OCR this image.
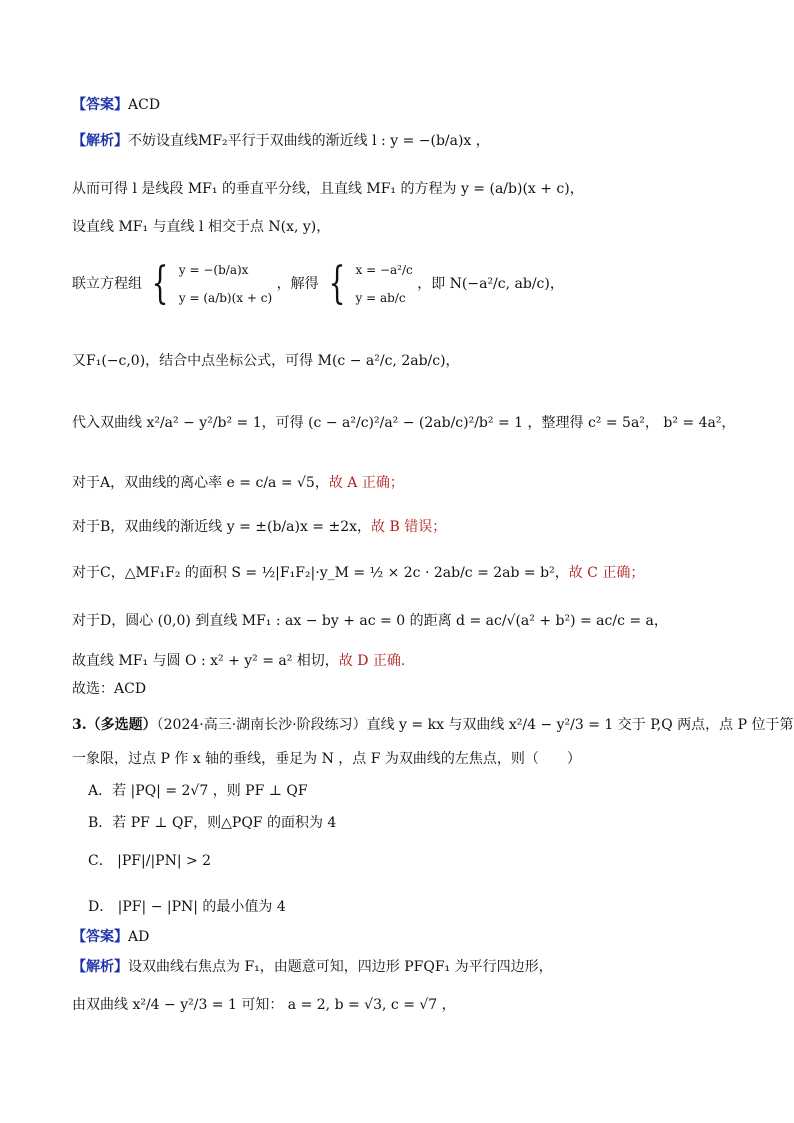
【答案】ACD
【解析】不妨设直线MF₂平行于双曲线的渐近线 l : y = −(b/a)x ，
从而可得 l 是线段 MF₁ 的垂直平分线，且直线 MF₁ 的方程为 y = (a/b)(x + c)，
设直线 MF₁ 与直线 l 相交于点 N(x, y)，
联立方程组 { y = −(b/a)x
y = (a/b)(x + c)
，解得 { x = −a²/c
y = ab/c
，即 N(−a²/c, ab/c)，
又F₁(−c,0)，结合中点坐标公式，可得 M(c − a²/c, 2ab/c)，
代入双曲线 x²/a² − y²/b² = 1，可得 (c − a²/c)²/a² − (2ab/c)²/b² = 1 ，整理得 c² = 5a²， b² = 4a²，
对于A，双曲线的离心率 e = c/a = √5，故 A 正确；
对于B，双曲线的渐近线 y = ±(b/a)x = ±2x，故 B 错误；
对于C，△MF₁F₂ 的面积 S = ½|F₁F₂|·y_M = ½ × 2c · 2ab/c = 2ab = b²，故 C 正确；
对于D，圆心 (0,0) 到直线 MF₁ : ax − by + ac = 0 的距离 d = ac/√(a² + b²) = ac/c = a，
故直线 MF₁ 与圆 O : x² + y² = a² 相切，故 D 正确.
故选：ACD
3.（多选题）（2024·高三·湖南长沙·阶段练习）直线 y = kx 与双曲线 x²/4 − y²/3 = 1 交于 P,Q 两点，点 P 位于第
一象限，过点 P 作 x 轴的垂线，垂足为 N ，点 F 为双曲线的左焦点，则（　　）
A．若 |PQ| = 2√7 ，则 PF ⊥ QF
B．若 PF ⊥ QF，则△PQF 的面积为 4
C． |PF|/|PN| > 2
D． |PF| − |PN| 的最小值为 4
【答案】AD
【解析】设双曲线右焦点为 F₁，由题意可知，四边形 PFQF₁ 为平行四边形，
由双曲线 x²/4 − y²/3 = 1 可知： a = 2, b = √3, c = √7 ，
